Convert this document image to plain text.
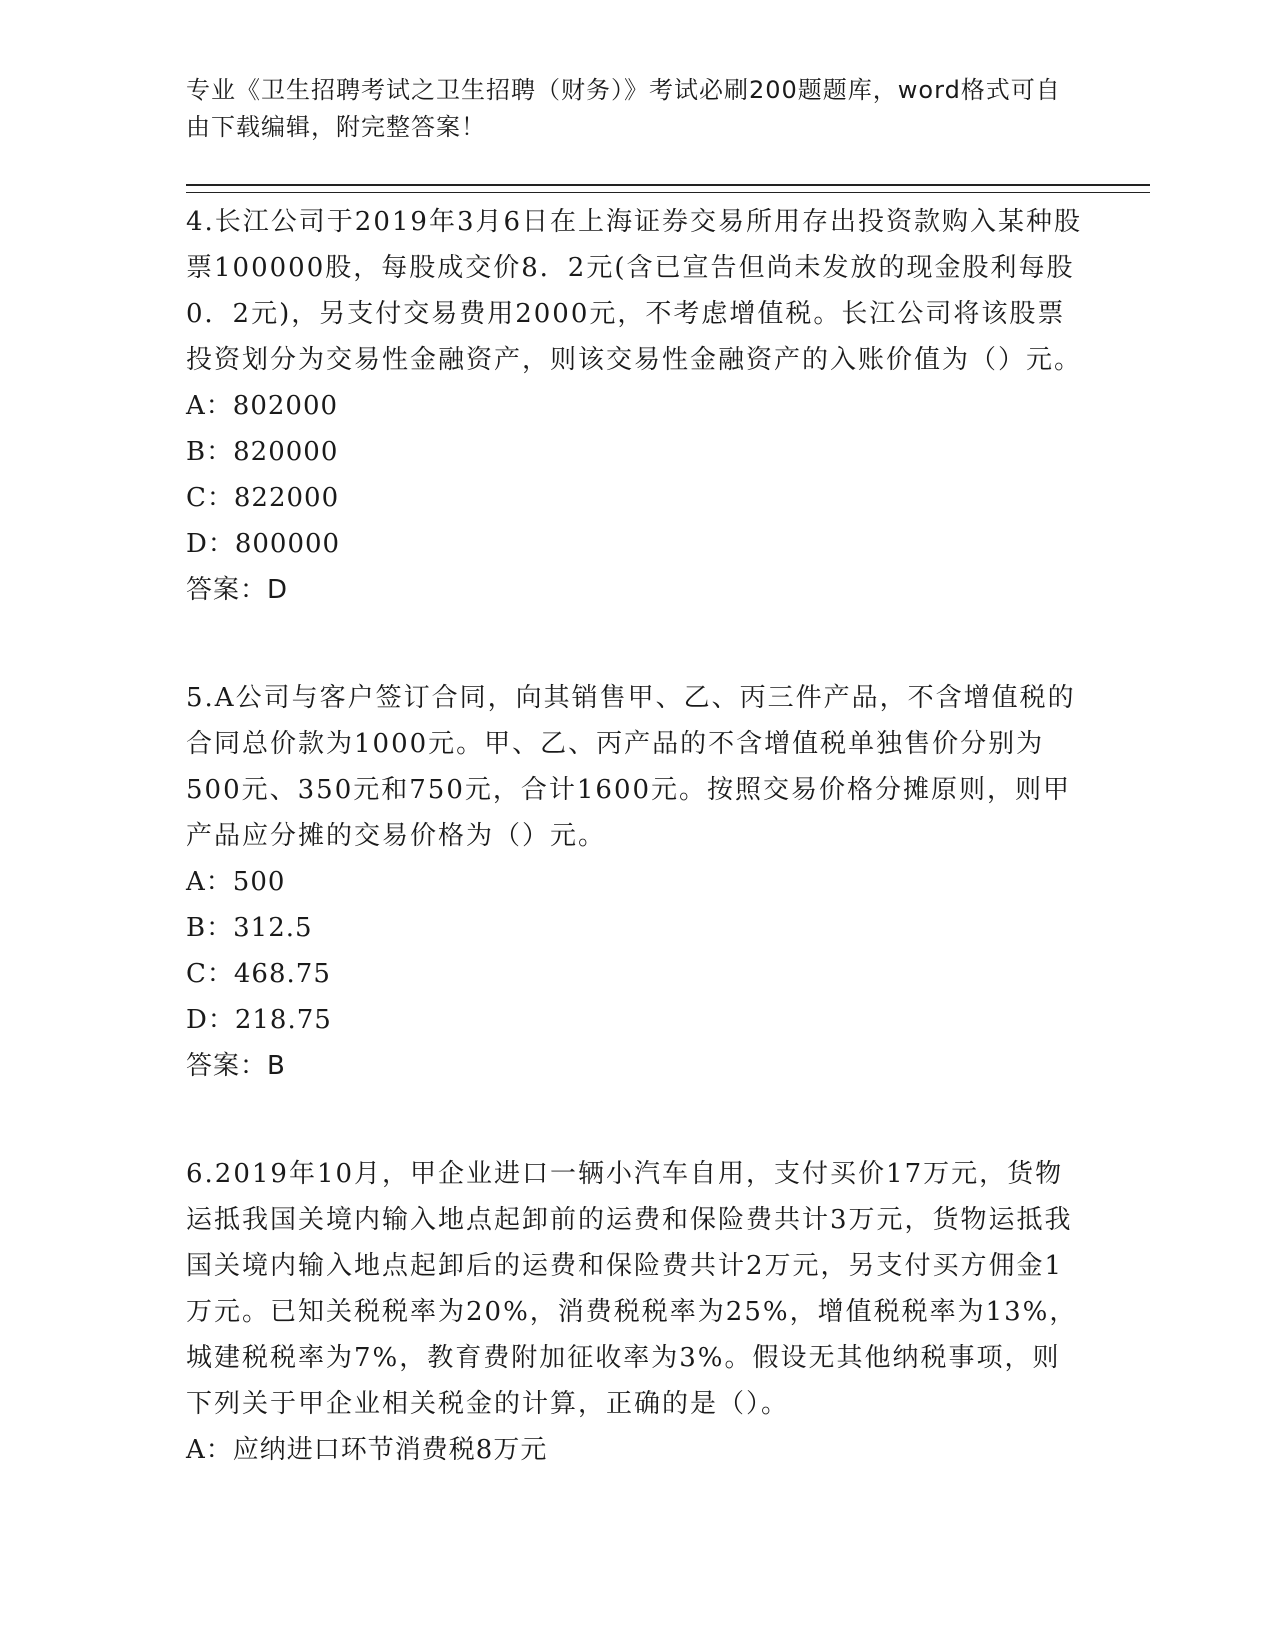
专业《卫生招聘考试之卫生招聘（财务）》考试必刷200题题库，word格式可自由下载编辑，附完整答案！

4.长江公司于2019年3月6日在上海证券交易所用存出投资款购入某种股票100000股，每股成交价8．2元(含已宣告但尚未发放的现金股利每股0．2元)，另支付交易费用2000元，不考虑增值税。长江公司将该股票投资划分为交易性金融资产，则该交易性金融资产的入账价值为（）元。

A：802000

B：820000

C：822000

D：800000

答案：D

5.A公司与客户签订合同，向其销售甲、乙、丙三件产品，不含增值税的合同总价款为1000元。甲、乙、丙产品的不含增值税单独售价分别为500元、350元和750元，合计1600元。按照交易价格分摊原则，则甲产品应分摊的交易价格为（）元。

A：500

B：312.5

C：468.75

D：218.75

答案：B

6.2019年10月，甲企业进口一辆小汽车自用，支付买价17万元，货物运抵我国关境内输入地点起卸前的运费和保险费共计3万元，货物运抵我国关境内输入地点起卸后的运费和保险费共计2万元，另支付买方佣金1万元。已知关税税率为20%，消费税税率为25%，增值税税率为13%，城建税税率为7%，教育费附加征收率为3%。假设无其他纳税事项，则下列关于甲企业相关税金的计算，正确的是（）。

A：应纳进口环节消费税8万元
